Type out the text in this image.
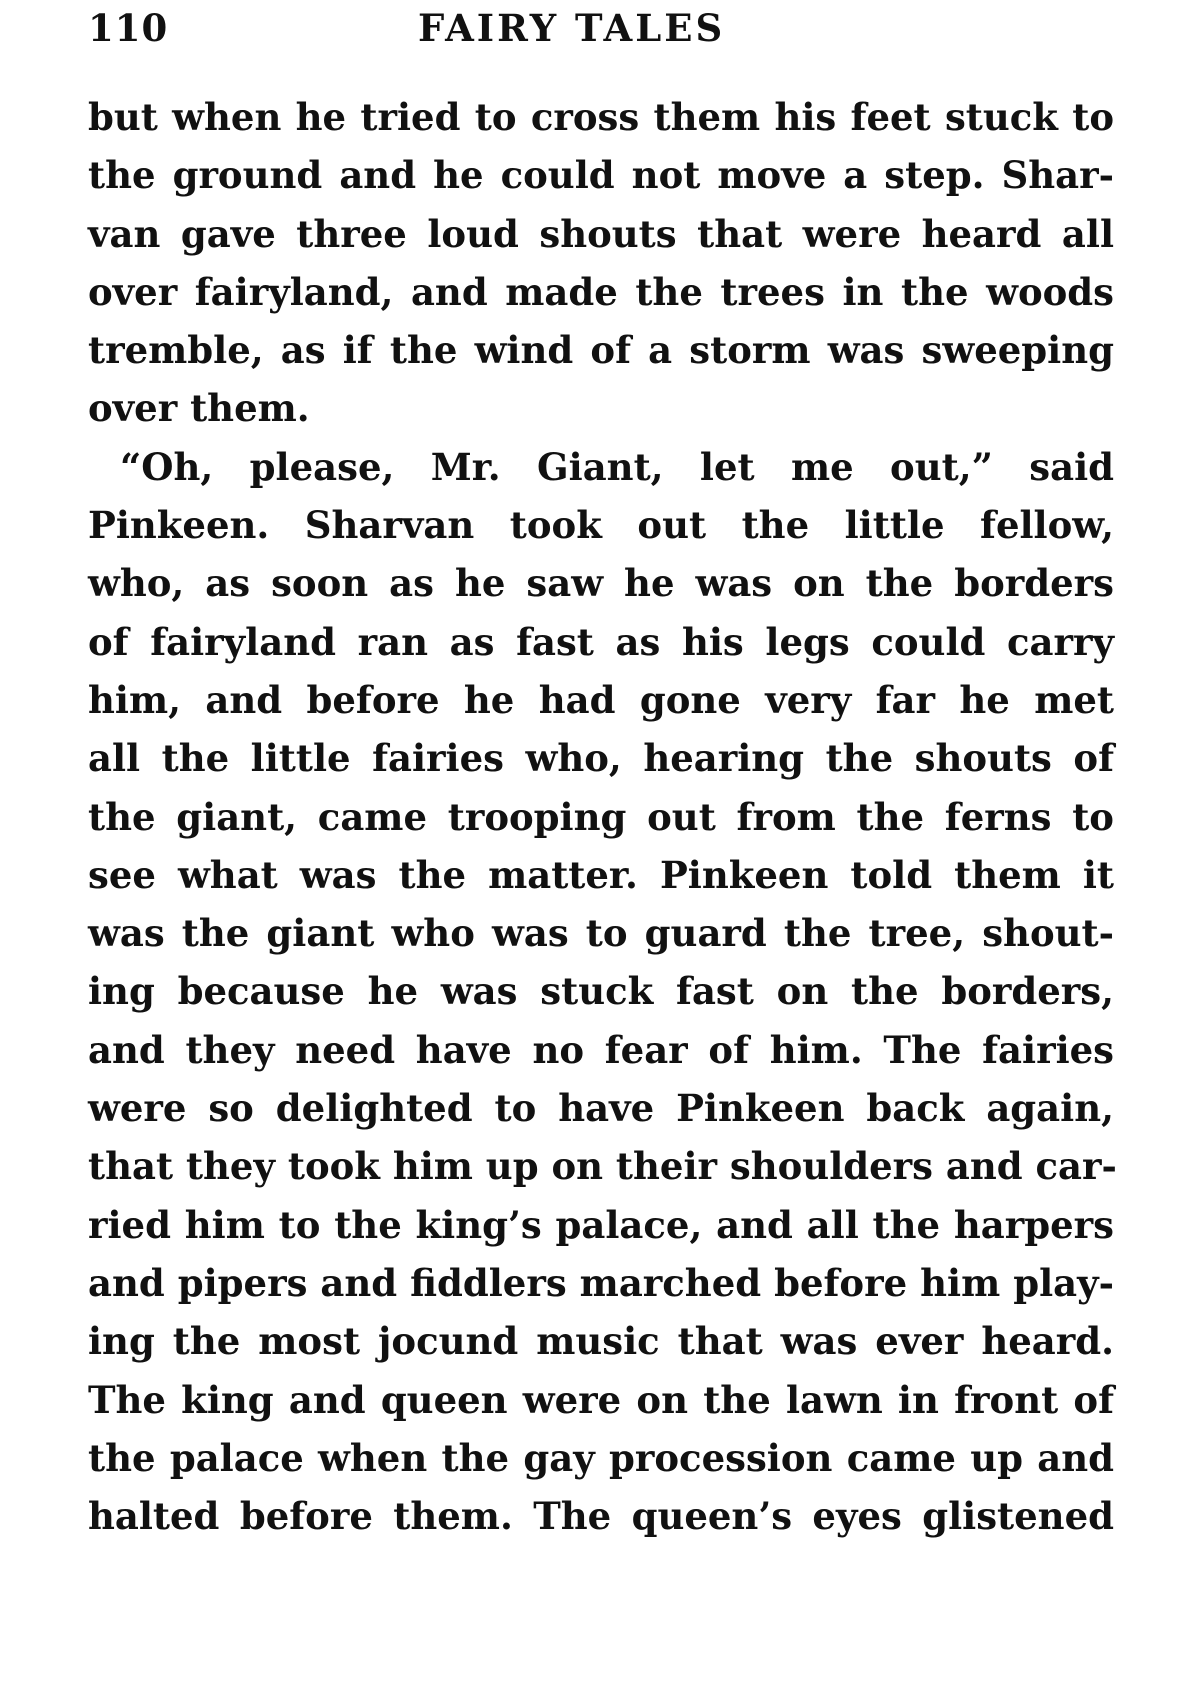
110	FAIRY TALES
but when he tried to cross them his feet stuck to
the ground and he could not move a step. Shar-
van gave three loud shouts that were heard all
over fairyland, and made the trees in the woods
tremble, as if the wind of a storm was sweeping
over them.
“Oh, please, Mr. Giant, let me out,” said
Pinkeen. Sharvan took out the little fellow,
who, as soon as he saw he was on the borders
of fairyland ran as fast as his legs could carry
him, and before he had gone very far he met
all the little fairies who, hearing the shouts of
the giant, came trooping out from the ferns to
see what was the matter. Pinkeen told them it
was the giant who was to guard the tree, shout-
ing because he was stuck fast on the borders,
and they need have no fear of him. The fairies
were so delighted to have Pinkeen back again,
that they took him up on their shoulders and car-
ried him to the king’s palace, and all the harpers
and pipers and fiddlers marched before him play-
ing the most jocund music that was ever heard.
The king and queen were on the lawn in front of
the palace when the gay procession came up and
halted before them. The queen’s eyes glistened
